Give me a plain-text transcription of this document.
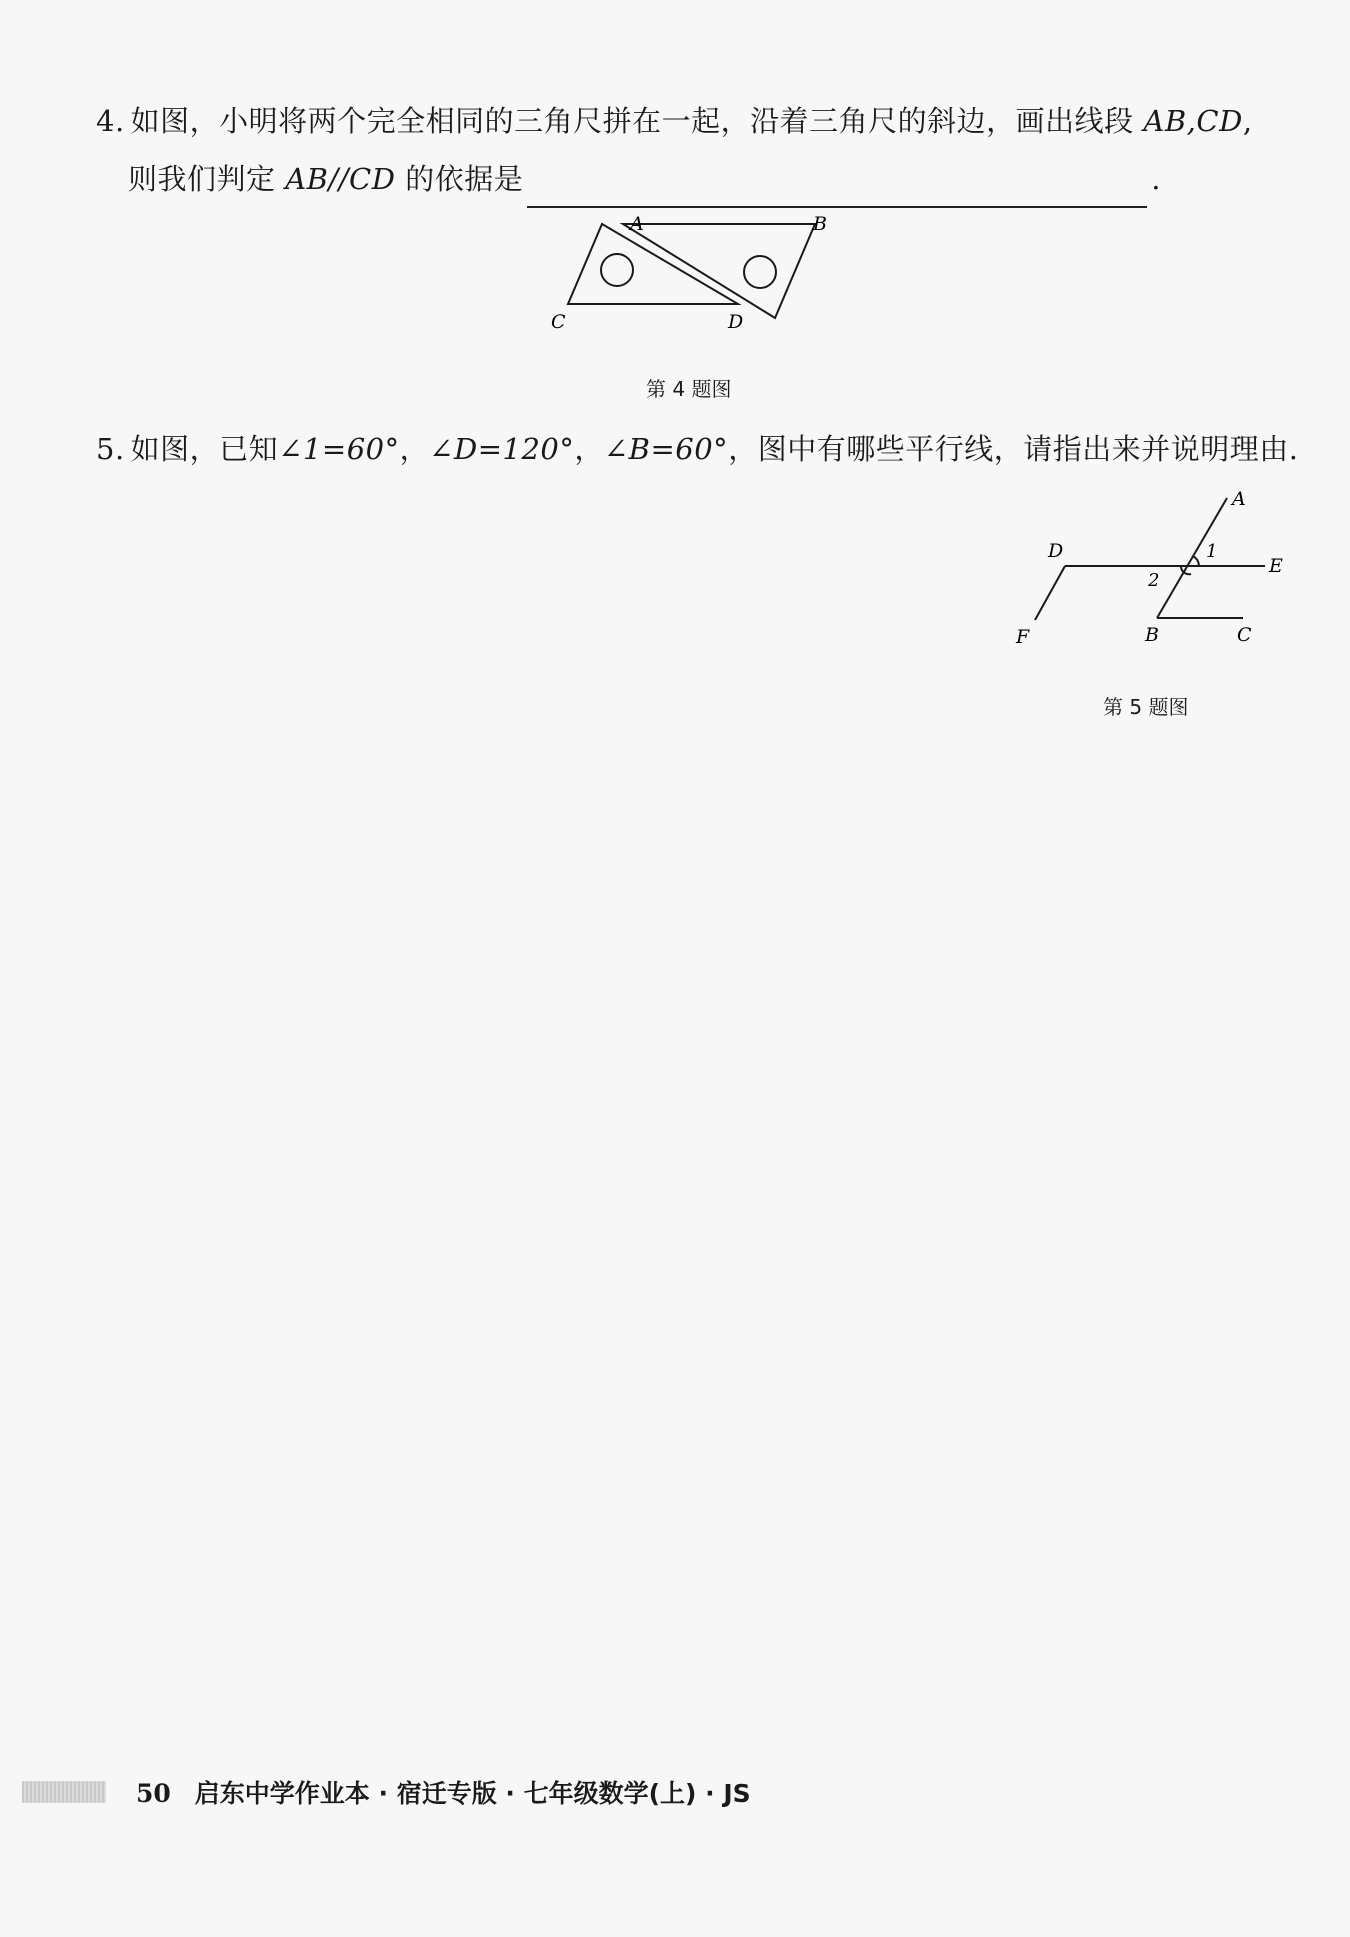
4. 如图，小明将两个完全相同的三角尺拼在一起，沿着三角尺的斜边，画出线段 AB,CD,
则我们判定 AB//CD 的依据是	.
A	B
C	D
第 4 题图
5. 如图，已知∠1=60°，∠D=120°，∠B=60°，图中有哪些平行线，请指出来并说明理由.
A
D
E
F	B	C
1
2
第 5 题图
50 启东中学作业本 · 宿迁专版 · 七年级数学(上) · JS
